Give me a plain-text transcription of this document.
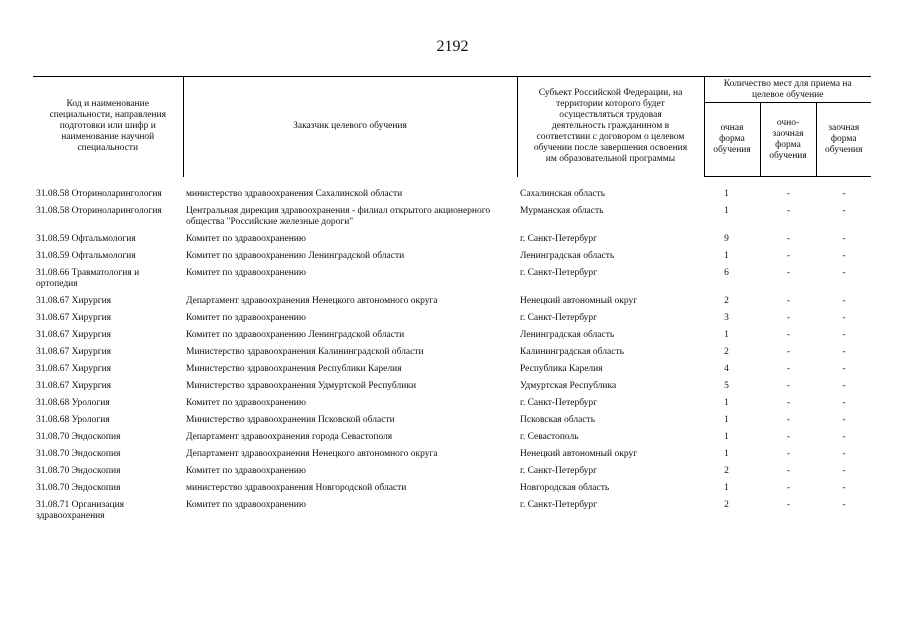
2192
Код и наименование специальности, направления подготовки или шифр и наименование научной специальности	Заказчик целевого обучения	Субъект Российской Федерации, на территории которого будет осуществляться трудовая деятельность гражданином в соответствии с договором о целевом обучении после завершения освоения им образовательной программы	Количество мест для приема на целевое обучение		
			очная форма обучения	очно-заочная форма обучения	заочная форма обучения
31.08.58 Оториноларингология	министерство здравоохранения Сахалинской области	Сахалинская область	1	-	-
31.08.58 Оториноларингология	Центральная дирекция здравоохранения - филиал открытого акционерного общества "Российские железные дороги"	Мурманская область	1	-	-
31.08.59 Офтальмология	Комитет по здравоохранению	г. Санкт-Петербург	9	-	-
31.08.59 Офтальмология	Комитет по здравоохранению Ленинградской области	Ленинградская область	1	-	-
31.08.66 Травматология и ортопедия	Комитет по здравоохранению	г. Санкт-Петербург	6	-	-
31.08.67 Хирургия	Департамент здравоохранения Ненецкого автономного округа	Ненецкий автономный округ	2	-	-
31.08.67 Хирургия	Комитет по здравоохранению	г. Санкт-Петербург	3	-	-
31.08.67 Хирургия	Комитет по здравоохранению Ленинградской области	Ленинградская область	1	-	-
31.08.67 Хирургия	Министерство здравоохранения Калининградской области	Калининградская область	2	-	-
31.08.67 Хирургия	Министерство здравоохранения Республики Карелия	Республика Карелия	4	-	-
31.08.67 Хирургия	Министерство здравоохранения Удмуртской Республики	Удмуртская Республика	5	-	-
31.08.68 Урология	Комитет по здравоохранению	г. Санкт-Петербург	1	-	-
31.08.68 Урология	Министерство здравоохранения Псковской области	Псковская область	1	-	-
31.08.70 Эндоскопия	Департамент здравоохранения города Севастополя	г. Севастополь	1	-	-
31.08.70 Эндоскопия	Департамент здравоохранения Ненецкого автономного округа	Ненецкий автономный округ	1	-	-
31.08.70 Эндоскопия	Комитет по здравоохранению	г. Санкт-Петербург	2	-	-
31.08.70 Эндоскопия	министерство здравоохранения Новгородской области	Новгородская область	1	-	-
31.08.71 Организация здравоохранения	Комитет по здравоохранению	г. Санкт-Петербург	2	-	-
